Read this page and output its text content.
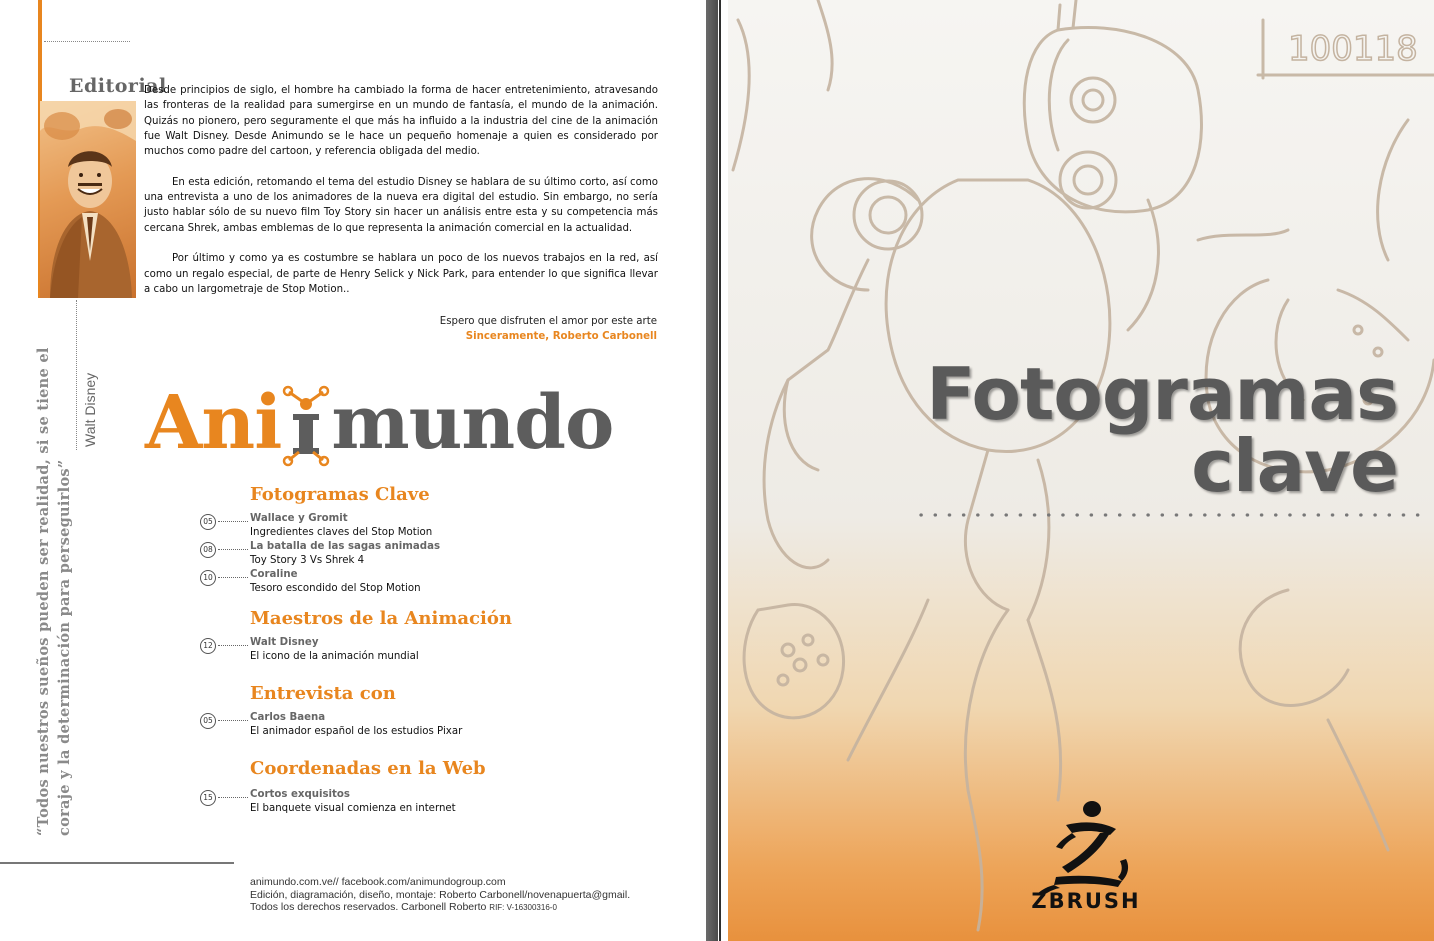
Editorial

Desde principios de siglo, el hombre ha cambiado la forma de hacer entretenimiento, atravesando las fronteras de la realidad para sumergirse en un mundo de fantasía, el mundo de la animación. Quizás no pionero, pero seguramente el que más ha influido a la industria del cine de la animación fue Walt Disney. Desde Animundo se le hace un pequeño homenaje a quien es considerado por muchos como padre del cartoon, y referencia obligada del medio.

En esta edición, retomando el tema del estudio Disney se hablara de su último corto, así como una entrevista a uno de los animadores de la nueva era digital del estudio. Sin embargo, no sería justo hablar sólo de su nuevo film Toy Story sin hacer un análisis entre esta y su competencia más cercana Shrek, ambas emblemas de lo que representa la animación comercial en la actualidad.

Por último y como ya es costumbre se hablara un poco de los nuevos trabajos en la red, así como un regalo especial, de parte de Henry Selick y Nick Park, para entender lo que significa llevar a cabo un largometraje de Stop Motion..

Espero que disfruten el amor por este arte
Sinceramente, Roberto Carbonell
“Todos nuestros sueños pueden ser realidad, si se tiene el coraje y la determinación para perseguirlos”
Walt Disney Ani mundo
Fotogramas Clave
05	Wallace y Gromit
Ingredientes claves del Stop Motion
08	La batalla de las sagas animadas
Toy Story 3 Vs Shrek 4
10	Coraline
Tesoro escondido del Stop Motion
Maestros de la Animación
12	Walt Disney
El icono de la animación mundial
Entrevista con
05	Carlos Baena
El animador español de los estudios Pixar
Coordenadas en la Web
15	Cortos exquisitos
El banquete visual comienza en internet
animundo.com.ve// facebook.com/animundogroup.com
Edición, diagramación, diseño, montaje: Roberto Carbonell/novenapuerta@gmail.
Todos los derechos reservados. Carbonell Roberto RIF: V-16300316-0
100118
Fotogramas
clave
ZBRUSH
